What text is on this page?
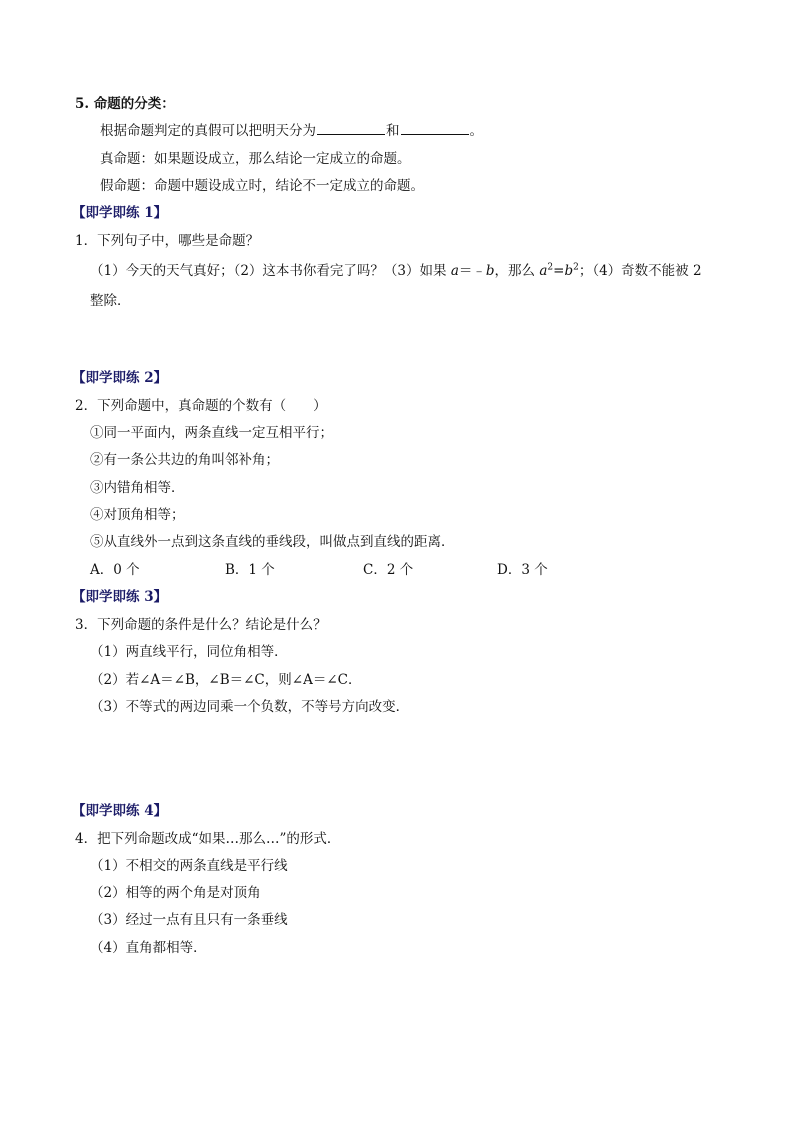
5. 命题的分类：
根据命题判定的真假可以把明天分为	和	。
真命题：如果题设成立，那么结论一定成立的命题。
假命题：命题中题设成立时，结论不一定成立的命题。
【即学即练 1】
1．下列句子中，哪些是命题？
（1）今天的天气真好；（2）这本书你看完了吗？（3）如果 a＝﹣b，那么 $a^2=b^2$；（4）奇数不能被 2
整除．
【即学即练 2】
2．下列命题中，真命题的个数有（　　）
①同一平面内，两条直线一定互相平行；
②有一条公共边的角叫邻补角；
③内错角相等．
④对顶角相等；
⑤从直线外一点到这条直线的垂线段，叫做点到直线的距离．
A．0 个	B．1 个	C．2 个	D．3 个
【即学即练 3】
3．下列命题的条件是什么？结论是什么？
（1）两直线平行，同位角相等．
（2）若∠A＝∠B，∠B＝∠C，则∠A＝∠C．
（3）不等式的两边同乘一个负数，不等号方向改变．
【即学即练 4】
4．把下列命题改成“如果…那么…”的形式．
（1）不相交的两条直线是平行线
（2）相等的两个角是对顶角
（3）经过一点有且只有一条垂线
（4）直角都相等．
